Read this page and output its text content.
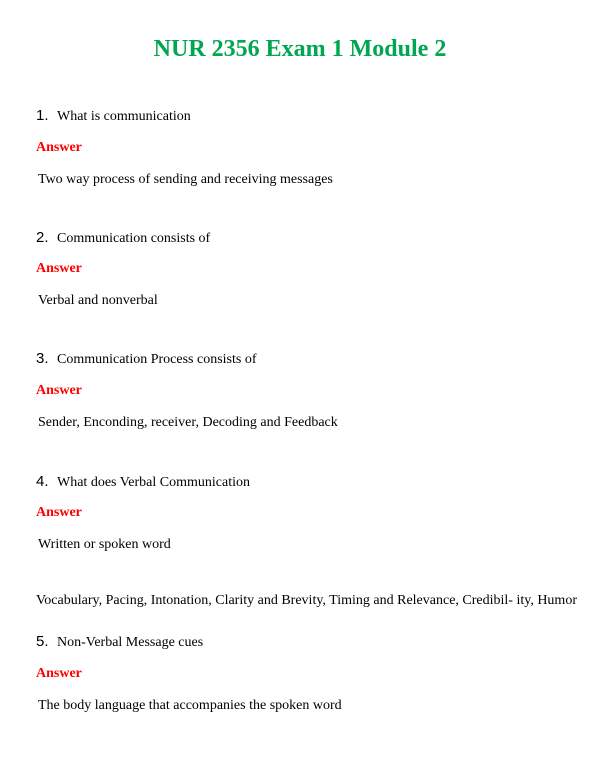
NUR 2356 Exam 1 Module 2
1. What is communication
Answer
Two way process of sending and receiving messages
2. Communication consists of
Answer
Verbal and nonverbal
3. Communication Process consists of
Answer
Sender, Enconding, receiver, Decoding and Feedback
4. What does Verbal Communication
Answer
Written or spoken word
Vocabulary, Pacing, Intonation, Clarity and Brevity, Timing and Relevance, Credibil- ity, Humor
5. Non-Verbal Message cues
Answer
The body language that accompanies the spoken word
